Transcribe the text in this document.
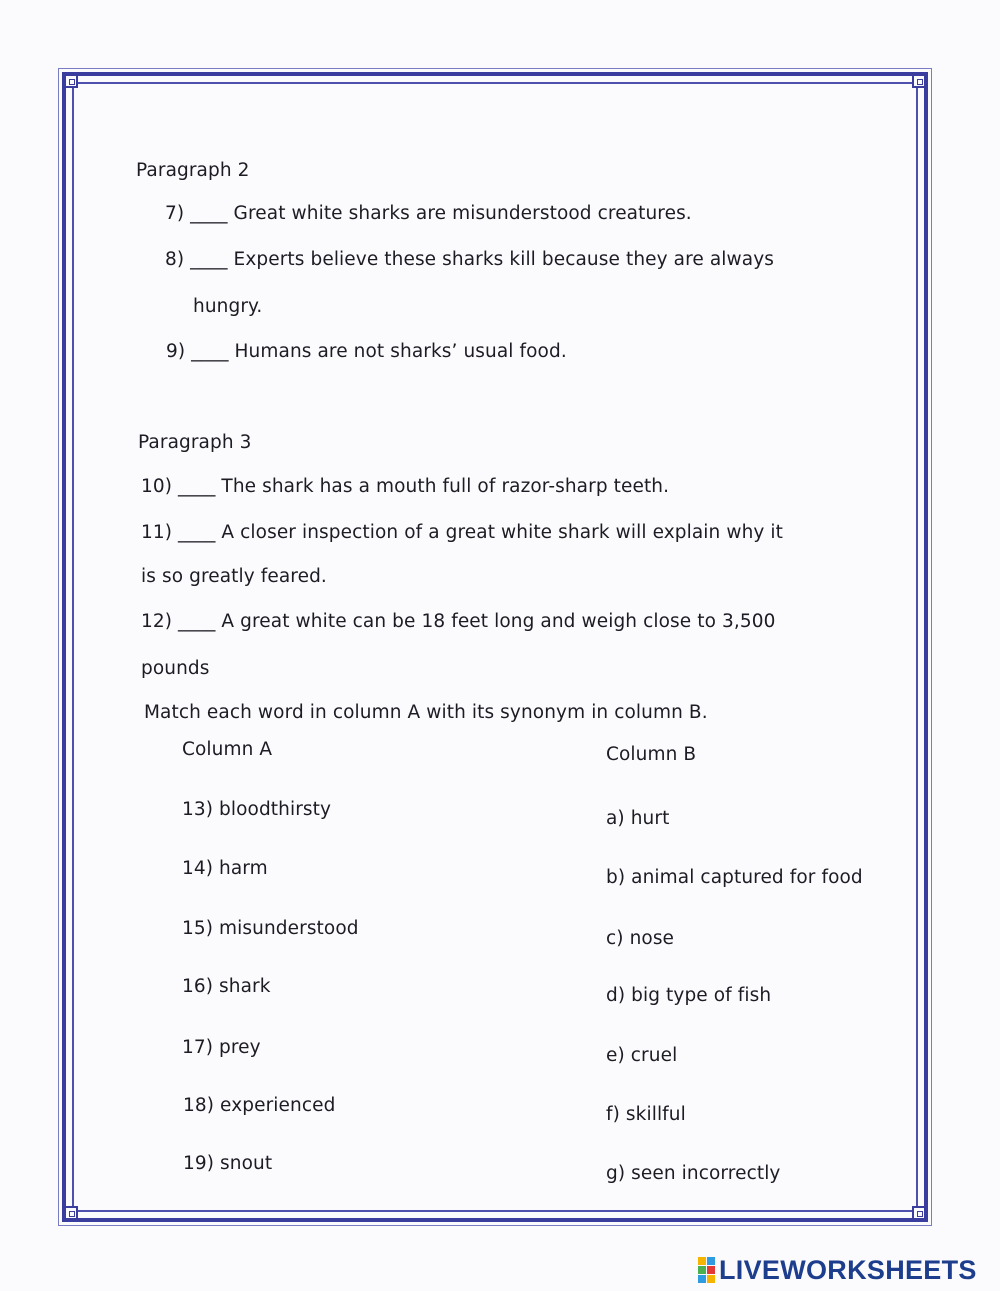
Paragraph 2
7) ____ Great white sharks are misunderstood creatures.
8) ____ Experts believe these sharks kill because they are always
hungry.
9) ____ Humans are not sharks’ usual food.
Paragraph 3
10) ____ The shark has a mouth full of razor-sharp teeth.
11) ____ A closer inspection of a great white shark will explain why it
is so greatly feared.
12) ____ A great white can be 18 feet long and weigh close to 3,500
pounds
Match each word in column A with its synonym in column B.
Column A	Column B
13) bloodthirsty
14) harm
15) misunderstood
16) shark
17) prey
18) experienced
19) snout
a) hurt
b) animal captured for food
c) nose
d) big type of fish
e) cruel
f) skillful
g) seen incorrectly
LIVEWORKSHEETS
